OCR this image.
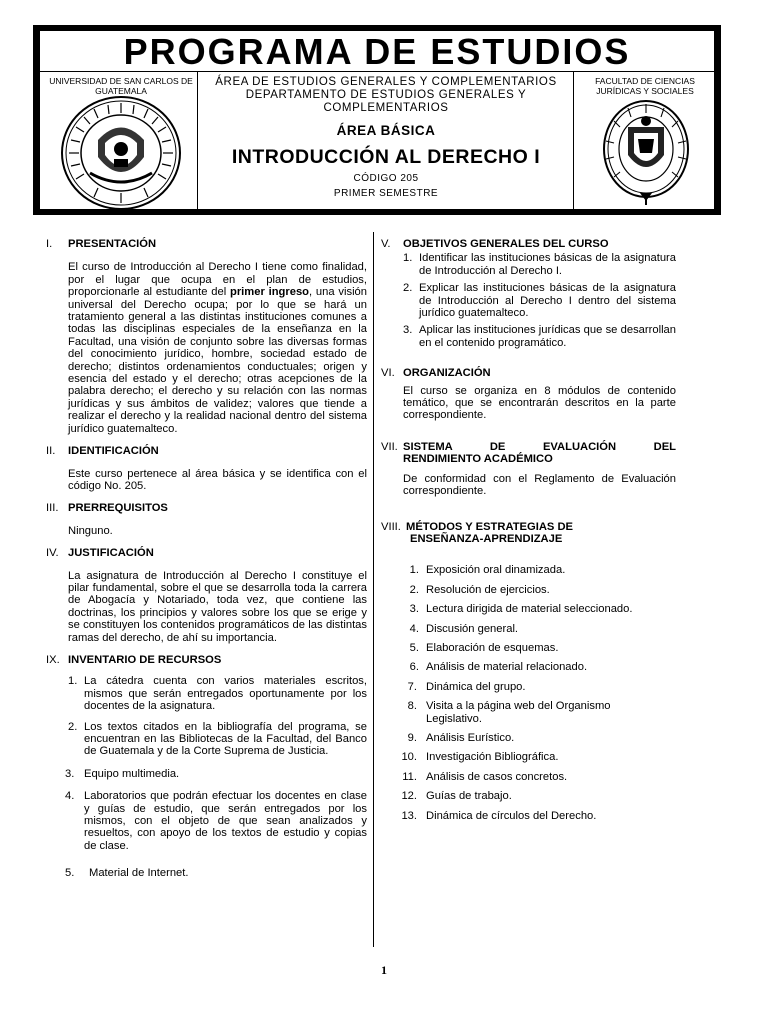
PROGRAMA DE ESTUDIOS
UNIVERSIDAD DE SAN CARLOS DE GUATEMALA
FACULTAD DE CIENCIAS JURÍDICAS Y SOCIALES
ÁREA DE ESTUDIOS GENERALES Y COMPLEMENTARIOS
DEPARTAMENTO DE ESTUDIOS GENERALES Y COMPLEMENTARIOS
ÁREA BÁSICA
INTRODUCCIÓN AL DERECHO I
CÓDIGO 205
PRIMER SEMESTRE
I.	PRESENTACIÓN

El curso de Introducción al Derecho I tiene como finalidad, por el lugar que ocupa en el plan de estudios, proporcionarle al estudiante del primer ingreso, una visión universal del Derecho ocupa; por lo que se hará un tratamiento general a las distintas instituciones comunes a todas las disciplinas especiales de la enseñanza en la Facultad, una visión de conjunto sobre las diversas formas del conocimiento jurídico, hombre, sociedad estado de derecho; distintos ordenamientos conductuales; origen y esencia del estado y el derecho; otras acepciones de la palabra derecho; el derecho y su relación con las normas jurídicas y sus ámbitos de validez; valores que tiende a realizar el derecho y la realidad nacional dentro del sistema jurídico guatemalteco.

II.	IDENTIFICACIÓN

Este curso pertenece al área básica y se identifica con el código No. 205.

III. PRERREQUISITOS

Ninguno.

IV. JUSTIFICACIÓN

La asignatura de Introducción al Derecho I constituye el pilar fundamental, sobre el que se desarrolla toda la carrera de Abogacía y Notariado, toda vez, que contiene las doctrinas, los principios y valores sobre los que se erige y se constituyen los contenidos programáticos de las distintas ramas del derecho, de ahí su importancia.

IX. INVENTARIO DE RECURSOS
1. La cátedra cuenta con varios materiales escritos, mismos que serán entregados oportunamente por los docentes de la asignatura.
2. Los textos citados en la bibliografía del programa, se encuentran en las Bibliotecas de la Facultad, del Banco de Guatemala y de la Corte Suprema de Justicia.
3. Equipo multimedia.
4. Laboratorios que podrán efectuar los docentes en clase y guías de estudio, que serán entregados por los mismos, con el objeto de que sean analizados y resueltos, con apoyo de los textos de estudio y copias de clase.
5.	Material de Internet.
V.	OBJETIVOS GENERALES DEL CURSO
1. Identificar las instituciones básicas de la asignatura de Introducción al Derecho I.
2. Explicar las instituciones básicas de la asignatura de Introducción al Derecho I dentro del sistema jurídico guatemalteco.
3. Aplicar las instituciones jurídicas que se desarrollan en el contenido programático.
VI. ORGANIZACIÓN

El curso se organiza en 8 módulos de contenido temático, que se encontrarán descritos en la parte correspondiente.

VII. SISTEMA DE EVALUACIÓN DEL
RENDIMIENTO ACADÉMICO

De conformidad con el Reglamento de Evaluación correspondiente.

VIII. MÉTODOS Y ESTRATEGIAS DE
ENSEÑANZA-APRENDIZAJE
1. Exposición oral dinamizada.
2. Resolución de ejercicios.
3. Lectura dirigida de material seleccionado.
4. Discusión general.
5. Elaboración de esquemas.
6. Análisis de material relacionado.
7. Dinámica del grupo.
8. Visita a la página web del Organismo Legislativo.
9. Análisis Eurístico.
10. Investigación Bibliográfica.
11. Análisis de casos concretos.
12. Guías de trabajo.
13. Dinámica de círculos del Derecho.
1
